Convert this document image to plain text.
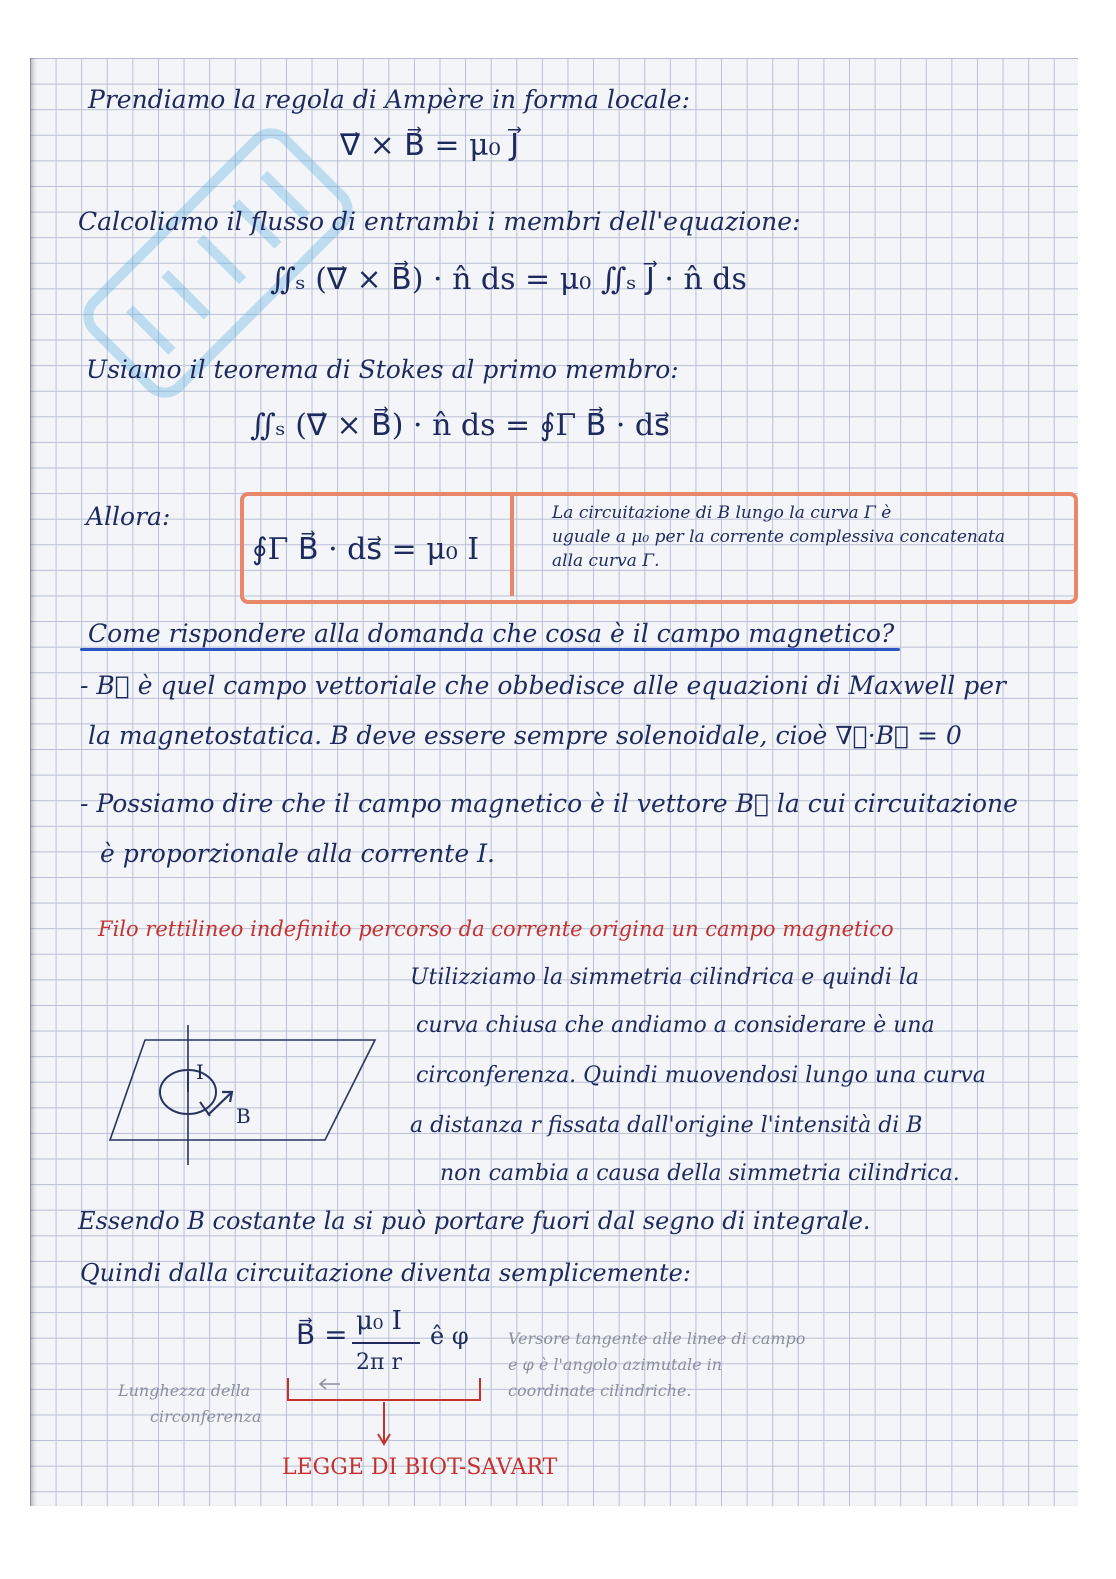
Prendiamo la regola di Ampère in forma locale:
∇⃗ × B⃗ = μ₀ J⃗
Calcoliamo il flusso di entrambi i membri dell'equazione:
∬ₛ (∇⃗ × B⃗) · n̂ ds = μ₀ ∬ₛ J⃗ · n̂ ds
Usiamo il teorema di Stokes al primo membro:
∬ₛ (∇⃗ × B⃗) · n̂ ds = ∮Γ B⃗ · ds⃗
Allora:
∮Γ B⃗ · ds⃗ = μ₀ I
La circuitazione di B lungo la curva Γ è
uguale a μ₀ per la corrente complessiva concatenata
alla curva Γ.
Come rispondere alla domanda che cosa è il campo magnetico?
- B⃗ è quel campo vettoriale che obbedisce alle equazioni di Maxwell per
la magnetostatica. B deve essere sempre solenoidale, cioè ∇⃗·B⃗ = 0
- Possiamo dire che il campo magnetico è il vettore B⃗ la cui circuitazione
è proporzionale alla corrente I.
Filo rettilineo indefinito percorso da corrente origina un campo magnetico
Utilizziamo la simmetria cilindrica e quindi la
curva chiusa che andiamo a considerare è una
circonferenza. Quindi muovendosi lungo una curva
a distanza r fissata dall'origine l'intensità di B
non cambia a causa della simmetria cilindrica.
I
B
Essendo B costante la si può portare fuori dal segno di integrale.
Quindi dalla circuitazione diventa semplicemente:
B⃗ = μ₀ I
2π r
ê φ Versore tangente alle linee di campo
e φ è l'angolo azimutale in
coordinate cilindriche.
Lunghezza della
circonferenza
LEGGE DI BIOT-SAVART
